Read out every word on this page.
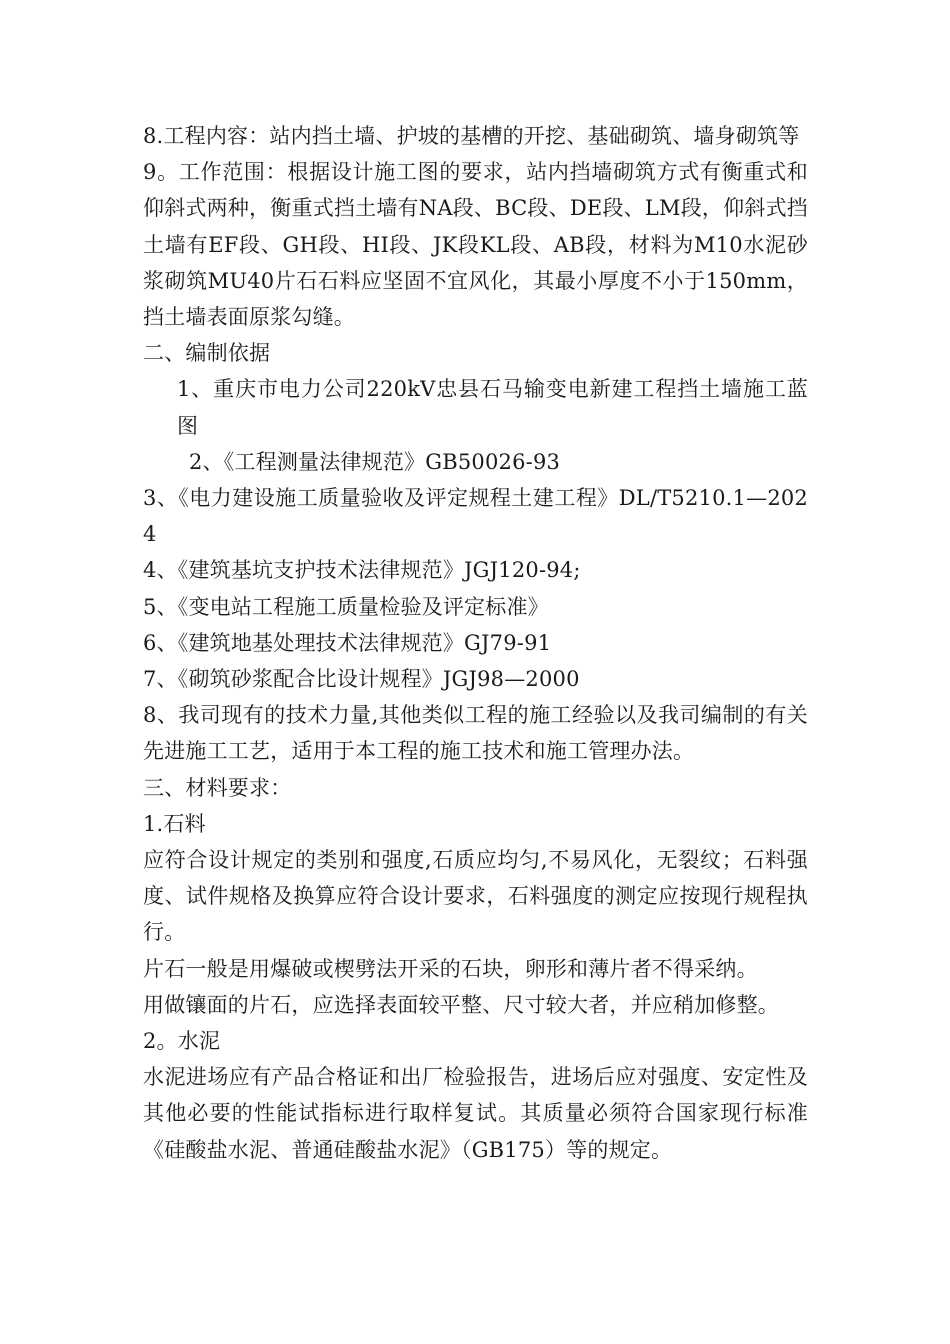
8.工程内容：站内挡土墙、护坡的基槽的开挖、基础砌筑、墙身砌筑等

9。工作范围：根据设计施工图的要求，站内挡墙砌筑方式有衡重式和仰斜式两种，衡重式挡土墙有NA段、BC段、DE段、LM段，仰斜式挡土墙有EF段、GH段、HI段、JK段KL段、AB段，材料为M10水泥砂浆砌筑MU40片石石料应坚固不宜风化，其最小厚度不小于150mm，挡土墙表面原浆勾缝。

二、编制依据

1、重庆市电力公司220kV忠县石马输变电新建工程挡土墙施工蓝图

2、《工程测量法律规范》GB50026-93

3、《电力建设施工质量验收及评定规程土建工程》DL/T5210.1—2024

4、《建筑基坑支护技术法律规范》JGJ120-94;

5、《变电站工程施工质量检验及评定标准》

6、《建筑地基处理技术法律规范》GJ79-91

7、《砌筑砂浆配合比设计规程》JGJ98—2000

8、我司现有的技术力量,其他类似工程的施工经验以及我司编制的有关先进施工工艺，适用于本工程的施工技术和施工管理办法。

三、材料要求：

1.石料

应符合设计规定的类别和强度,石质应均匀,不易风化，无裂纹；石料强度、试件规格及换算应符合设计要求，石料强度的测定应按现行规程执行。

片石一般是用爆破或楔劈法开采的石块，卵形和薄片者不得采纳。

用做镶面的片石，应选择表面较平整、尺寸较大者，并应稍加修整。

2。水泥

水泥进场应有产品合格证和出厂检验报告，进场后应对强度、安定性及其他必要的性能试指标进行取样复试。其质量必须符合国家现行标准《硅酸盐水泥、普通硅酸盐水泥》（GB175）等的规定。
